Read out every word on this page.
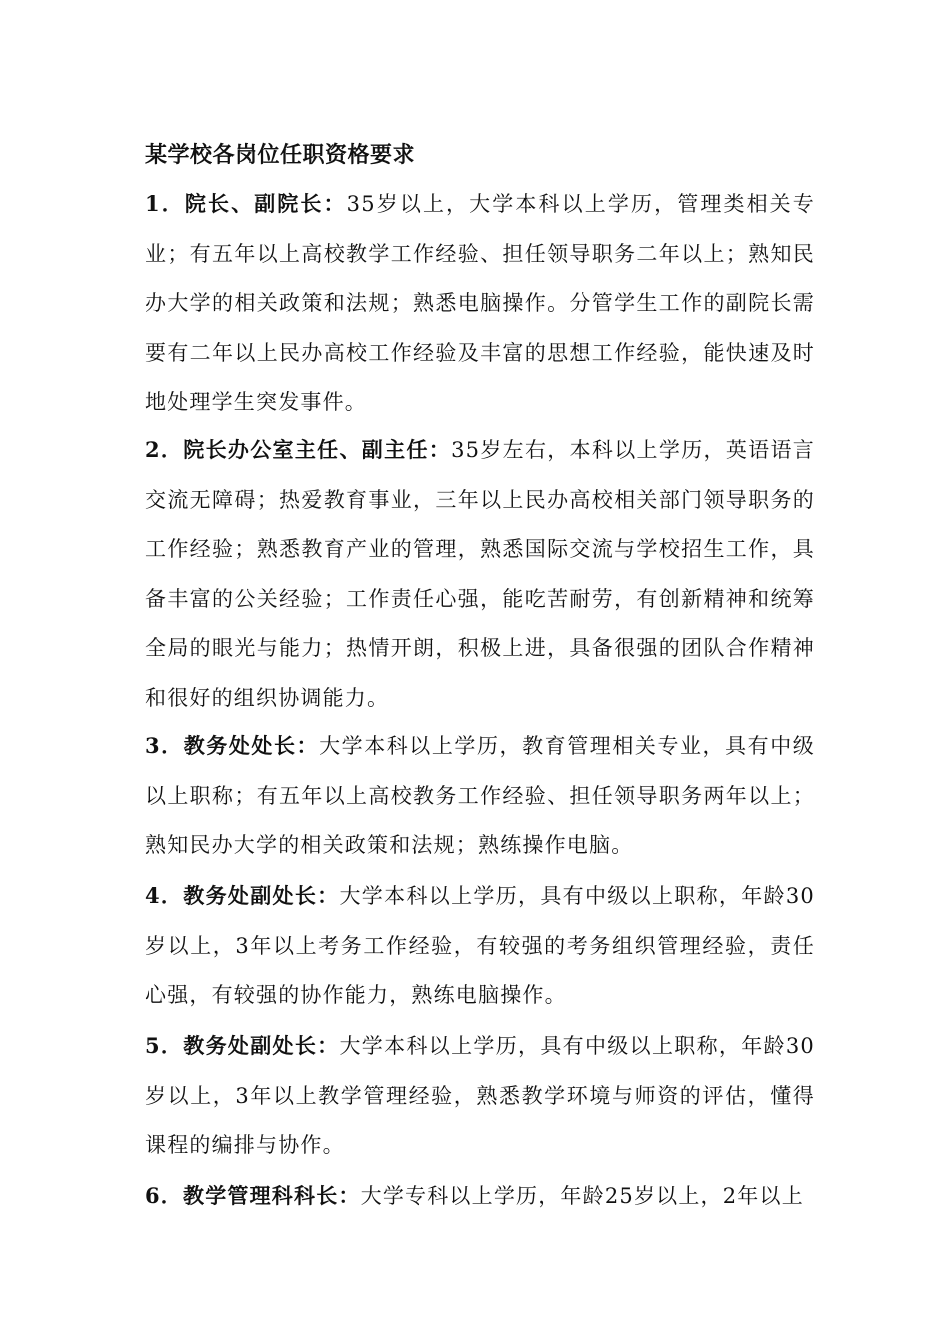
某学校各岗位任职资格要求
1．院长、副院长：35岁以上，大学本科以上学历，管理类相关专业；有五年以上高校教学工作经验、担任领导职务二年以上；熟知民办大学的相关政策和法规；熟悉电脑操作。分管学生工作的副院长需要有二年以上民办高校工作经验及丰富的思想工作经验，能快速及时地处理学生突发事件。
2．院长办公室主任、副主任：35岁左右，本科以上学历，英语语言交流无障碍；热爱教育事业，三年以上民办高校相关部门领导职务的工作经验；熟悉教育产业的管理，熟悉国际交流与学校招生工作，具备丰富的公关经验；工作责任心强，能吃苦耐劳，有创新精神和统筹全局的眼光与能力；热情开朗，积极上进，具备很强的团队合作精神和很好的组织协调能力。
3．教务处处长：大学本科以上学历，教育管理相关专业，具有中级以上职称；有五年以上高校教务工作经验、担任领导职务两年以上；熟知民办大学的相关政策和法规；熟练操作电脑。
4．教务处副处长：大学本科以上学历，具有中级以上职称，年龄30岁以上，3年以上考务工作经验，有较强的考务组织管理经验，责任心强，有较强的协作能力，熟练电脑操作。
5．教务处副处长：大学本科以上学历，具有中级以上职称，年龄30岁以上，3年以上教学管理经验，熟悉教学环境与师资的评估，懂得课程的编排与协作。
6．教学管理科科长：大学专科以上学历，年龄25岁以上，2年以上
